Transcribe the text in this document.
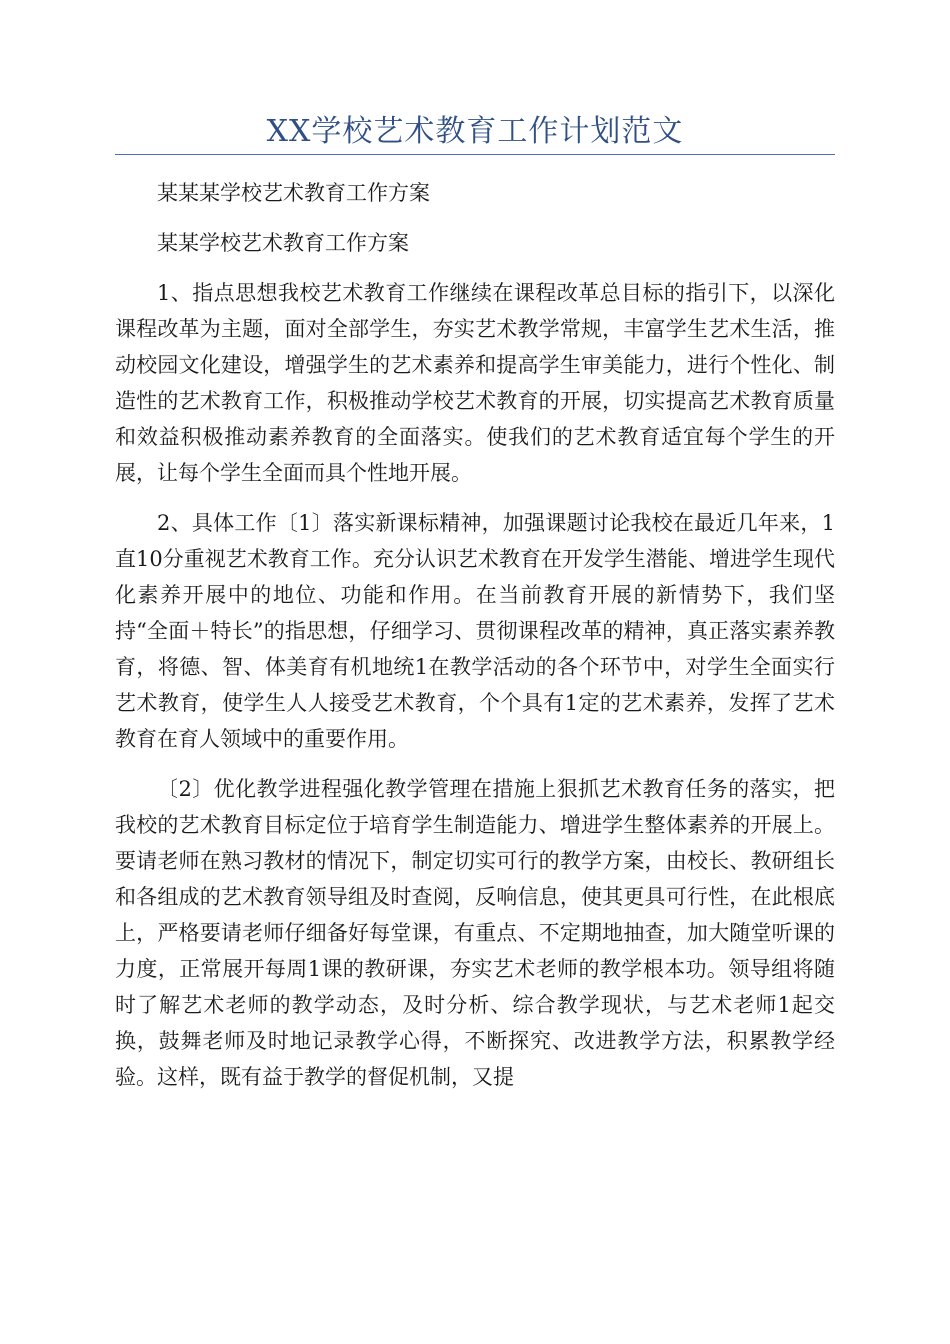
XX学校艺术教育工作计划范文

某某某学校艺术教育工作方案

某某学校艺术教育工作方案

1、指点思想我校艺术教育工作继续在课程改革总目标的指引下，以深化课程改革为主题，面对全部学生，夯实艺术教学常规，丰富学生艺术生活，推动校园文化建设，增强学生的艺术素养和提高学生审美能力，进行个性化、制造性的艺术教育工作，积极推动学校艺术教育的开展，切实提高艺术教育质量和效益积极推动素养教育的全面落实。使我们的艺术教育适宜每个学生的开展，让每个学生全面而具个性地开展。

2、具体工作〔1〕落实新课标精神，加强课题讨论我校在最近几年来，1直10分重视艺术教育工作。充分认识艺术教育在开发学生潜能、增进学生现代化素养开展中的地位、功能和作用。在当前教育开展的新情势下，我们坚持“全面＋特长”的指思想，仔细学习、贯彻课程改革的精神，真正落实素养教育，将德、智、体美育有机地统1在教学活动的各个环节中，对学生全面实行艺术教育，使学生人人接受艺术教育，个个具有1定的艺术素养，发挥了艺术教育在育人领域中的重要作用。

〔2〕优化教学进程强化教学管理在措施上狠抓艺术教育任务的落实，把我校的艺术教育目标定位于培育学生制造能力、增进学生整体素养的开展上。要请老师在熟习教材的情况下，制定切实可行的教学方案，由校长、教研组长和各组成的艺术教育领导组及时查阅，反响信息，使其更具可行性，在此根底上，严格要请老师仔细备好每堂课，有重点、不定期地抽查，加大随堂听课的力度，正常展开每周1课的教研课，夯实艺术老师的教学根本功。领导组将随时了解艺术老师的教学动态，及时分析、综合教学现状，与艺术老师1起交换，鼓舞老师及时地记录教学心得，不断探究、改进教学方法，积累教学经验。这样，既有益于教学的督促机制，又提
